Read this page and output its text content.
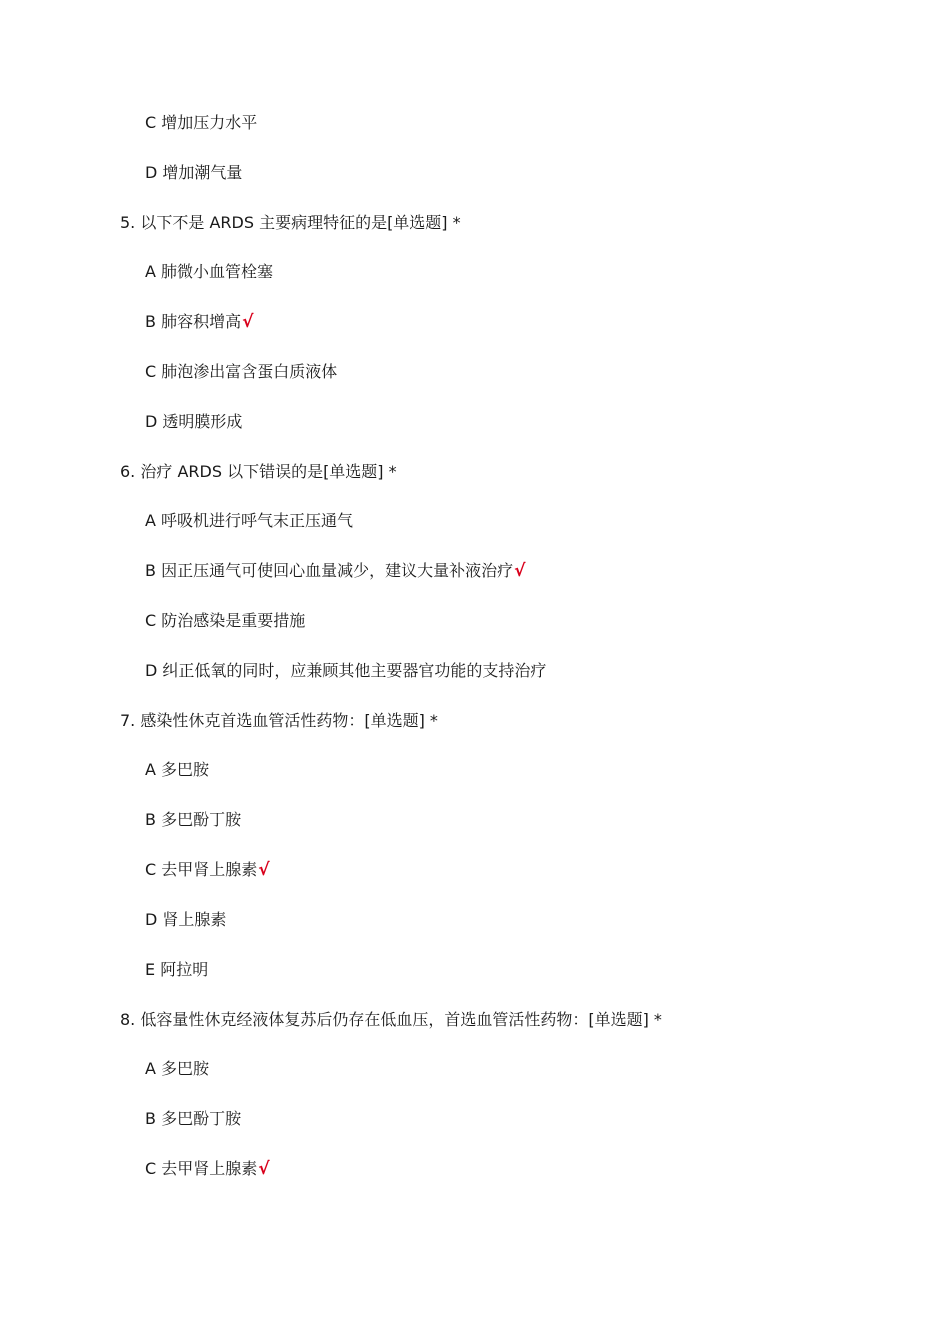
C 增加压力水平
D 增加潮气量
5. 以下不是 ARDS 主要病理特征的是[单选题] *
A 肺微小血管栓塞
B 肺容积增高√
C 肺泡渗出富含蛋白质液体
D 透明膜形成
6. 治疗 ARDS 以下错误的是[单选题] *
A 呼吸机进行呼气末正压通气
B 因正压通气可使回心血量减少，建议大量补液治疗√
C 防治感染是重要措施
D 纠正低氧的同时，应兼顾其他主要器官功能的支持治疗
7. 感染性休克首选血管活性药物：[单选题] *
A 多巴胺
B 多巴酚丁胺
C 去甲肾上腺素√
D 肾上腺素
E 阿拉明
8. 低容量性休克经液体复苏后仍存在低血压，首选血管活性药物：[单选题] *
A 多巴胺
B 多巴酚丁胺
C 去甲肾上腺素√
